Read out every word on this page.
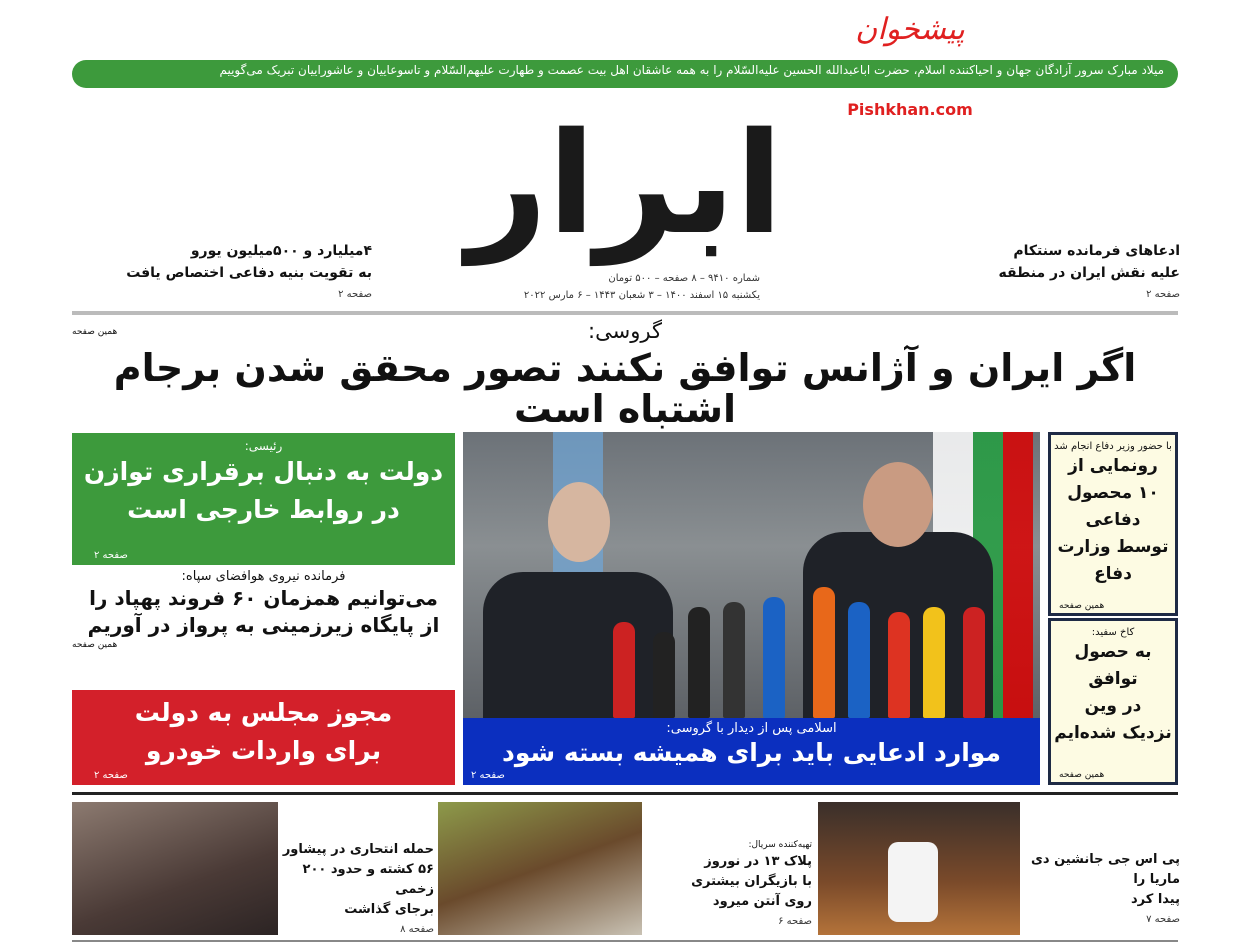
پیشخوان
میلاد مبارک سرور آزادگان جهان و احیاکننده اسلام، حضرت اباعبدالله الحسین علیه‌السّلام را به همه عاشقان اهل بیت عصمت و طهارت علیهم‌السّلام و تاسوعاییان و عاشوراییان تبریک می‌گوییم
Pishkhan.com
ابرار
شماره ۹۴۱۰ – ۸ صفحه – ۵۰۰ تومان
یکشنبه ۱۵ اسفند ۱۴۰۰ – ۳ شعبان ۱۴۴۳ – ۶ مارس ۲۰۲۲
۴میلیارد و ۵۰۰میلیون یورو
به تقویت بنیه دفاعی اختصاص یافت
صفحه ۲
ادعاهای فرمانده سنتکام
علیه نقش ایران در منطقه
صفحه ۲
گروسی:
همین صفحه
اگر ایران و آژانس توافق نکنند تصور محقق شدن برجام اشتباه است
رئیسی:
دولت به دنبال برقراری توازن
در روابط خارجی است
صفحه ۲
فرمانده نیروی هوافضای سپاه:
می‌توانیم همزمان ۶۰ فروند پهپاد را
از پایگاه زیرزمینی به پرواز در آوریم
همین صفحه
مجوز مجلس به دولت
برای واردات خودرو
صفحه ۲
اسلامی پس از دیدار با گروسی:
موارد ادعایی باید برای همیشه بسته شود
صفحه ۲
با حضور وزیر دفاع انجام شد
رونمایی از
۱۰ محصول دفاعی
توسط وزارت دفاع
همین صفحه
کاخ سفید:
به حصول توافق
در وین
نزدیک شده‌ایم
همین صفحه
حمله انتحاری در پیشاور
۵۶ کشته و حدود ۲۰۰ زخمی
برجای گذاشت
صفحه ۸
تهیه‌کننده سریال:
پلاک ۱۳ در نوروز
با بازیگران بیشتری
روی آنتن میرود
صفحه ۶
پی اس جی جانشین دی ماریا را
پیدا کرد
صفحه ۷
